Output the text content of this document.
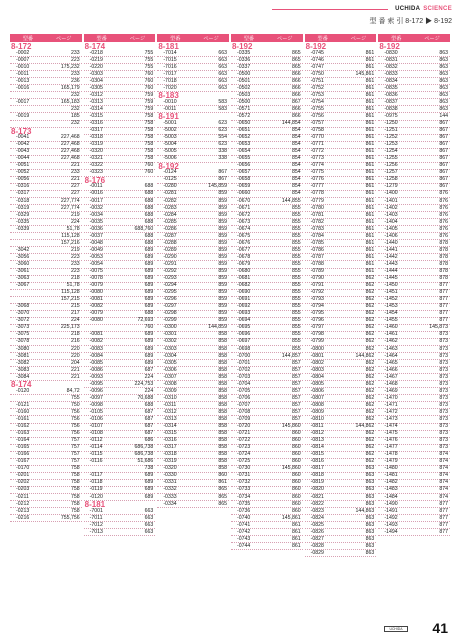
UCHIDA SCIENCE
型 番 索 引 8-172 ▶ 8-192
型番	ページ
8-172
-0002	233
-0007	223
-0010	175,232
-0011	233
-0013	236
-0016	165,179
232
-0017	165,183
232
-0019	185
232
8-173
-0041	227,468
-0042	227,468
-0043	227,468
-0044	227,468
-0051	221
-0052	233
-0056	221
-0316	227
-0317	227
-0318	227,774
-0319	227,774
-0329	219
-0335	224
-0339	51,78
115,128
157,216
-3042	219
-3056	223
-3060	233
-3061	223
-3063	218
-3067	51,78
115,128
157,215
-3068	215
-3070	217
-3072	224
-3073	225,173
-3075	218
-3078	216
-3080	220
-3081	220
-3082	204
-3083	221
-3084	221
8-174
-0120	84,72
755
-0121	750
-0160	756
-0161	756
-0162	756
-0163	756
-0164	757
-0165	757
-0166	757
-0167	757
-0170	758
-0201	758
-0202	758
-0203	758
-0211	758
-0212	758
-0213	758
-0216	755,756
型番	ページ
8-174
-0218	755
-0219	755
-0220	755
-0303	760
-0304	760
-0305	760
-0312	759
-0313	759
-0314	759
-0315	758
-0316	758
-0317	758
-0318	758
-0319	758
-0320	758
-0321	758
-0322	760
-0323	760
8-176
-0011	688
-0016	688
-0017	688
-0032	688
-0034	688
-0035	688
-0036	688,760
-0037	688
-0048	688
-0049	689
-0053	689
-0054	689
-0075	689
-0078	689
-0079	689
-0080	689
-0081	689
-0082	689
-0079	688
-0080	72,693
760
-0081	689
-0082	689
-0083	689
-0084	689
-0085	689
-0086	687
-0093	224
-0095	224,753
-0096	224
-0097	70,688
-0098	688
-0105	687
-0106	687
-0107	687
-0108	687
-0112	686
-0114	686,738
-0115	686,738
-0116	51,686
738
-0117	689
-0118	689
-0119	689
-0120	689
8-181
-7001	663
-7011	663
-7012	663
-7013	663
型番	ページ
8-181
-7014	663
-7015	663
-7016	663
-7017	663
-7018	663
-7020	663
8-183
-0010	583
-0011	583
8-191
-5001	623
-5002	623
-5003	554
-5004	623
-5005	338
-5006	338
8-192
-0124	867
-0125	867
-0280	145,859
-0281	859
-0282	859
-0283	859
-0284	859
-0285	859
-0286	859
-0287	859
-0288	859
-0289	859
-0290	859
-0291	859
-0292	859
-0293	859
-0294	859
-0295	859
-0296	859
-0297	859
-0298	859
-0299	859
-0300	144,859
-0301	858
-0302	858
-0303	858
-0304	858
-0305	858
-0306	858
-0307	858
-0308	858
-0309	858
-0310	858
-0311	858
-0312	858
-0313	858
-0314	858
-0315	858
-0316	858
-0317	858
-0318	858
-0319	858
-0320	858
-0330	860
-0331	861
-0332	865
-0333	865
-0334	865
型番	ページ
8-192
-0335	865
-0336	865
-0337	865
-0500	866
-0501	866
-0502	866
-0503	866
-0500	867
-0571	866
-0572	866
-0650	144,854
-0651	854
-0652	854
-0653	854
-0654	854
-0655	854
-0656	854
-0657	854
-0658	854
-0659	854
-0660	854
-0670	144,855
-0671	855
-0672	855
-0673	855
-0674	855
-0675	855
-0676	855
-0677	855
-0678	855
-0679	855
-0680	855
-0681	855
-0682	855
-0690	855
-0691	855
-0692	855
-0693	855
-0694	855
-0695	855
-0696	855
-0697	855
-0698	855
-0700	144,857
-0701	857
-0702	857
-0703	857
-0704	857
-0705	857
-0706	857
-0707	857
-0708	857
-0709	857
-0720	145,860
-0721	860
-0722	860
-0723	860
-0724	860
-0725	860
-0730	145,860
-0731	860
-0732	860
-0733	860
-0734	860
-0735	860
-0736	860
-0740	145,861
-0741	861
-0742	861
-0743	861
-0744	861
型番	ページ
8-192
-0745	861
-0746	861
-0747	861
-0750	145,861
-0751	861
-0752	861
-0753	861
-0754	861
-0755	861
-0756	861
-0757	861
-0758	861
-0770	861
-0771	861
-0772	861
-0773	861
-0774	861
-0775	861
-0776	861
-0777	861
-0778	861
-0779	861
-0780	861
-0781	861
-0782	861
-0783	861
-0784	861
-0785	861
-0786	861
-0787	861
-0788	861
-0789	861
-0790	862
-0791	862
-0792	862
-0793	862
-0794	862
-0795	862
-0796	862
-0797	862
-0798	862
-0799	862
-0800	862
-0801	144,862
-0802	862
-0803	862
-0804	862
-0805	862
-0806	862
-0807	862
-0808	862
-0809	862
-0810	862
-0811	144,862
-0812	862
-0813	862
-0814	862
-0815	862
-0816	862
-0817	863
-0818	863
-0819	863
-0820	863
-0821	863
-0822	863
-0823	144,863
-0824	863
-0825	863
-0826	863
-0827	863
-0828	863
-0829	863
型番	ページ
8-192
-0830	863
-0831	863
-0832	863
-0833	863
-0834	863
-0835	863
-0836	863
-0837	863
-0838	863
-0975	144
-1250	867
-1251	867
-1252	867
-1253	867
-1254	867
-1255	867
-1256	867
-1257	867
-1258	867
-1279	867
-1400	876
-1401	876
-1402	876
-1403	876
-1404	876
-1405	876
-1406	876
-1440	878
-1441	878
-1442	878
-1443	878
-1444	878
-1445	878
-1450	877
-1451	877
-1452	877
-1453	877
-1454	877
-1455	877
-1460	145,873
-1461	873
-1462	873
-1463	873
-1464	873
-1465	873
-1466	873
-1467	873
-1468	873
-1469	873
-1470	873
-1471	873
-1472	873
-1473	873
-1474	873
-1475	873
-1476	873
-1477	873
-1478	874
-1479	874
-1480	874
-1481	874
-1482	874
-1483	874
-1484	874
-1490	877
-1491	877
-1492	877
-1493	877
-1494	877
UCHIDA	41
